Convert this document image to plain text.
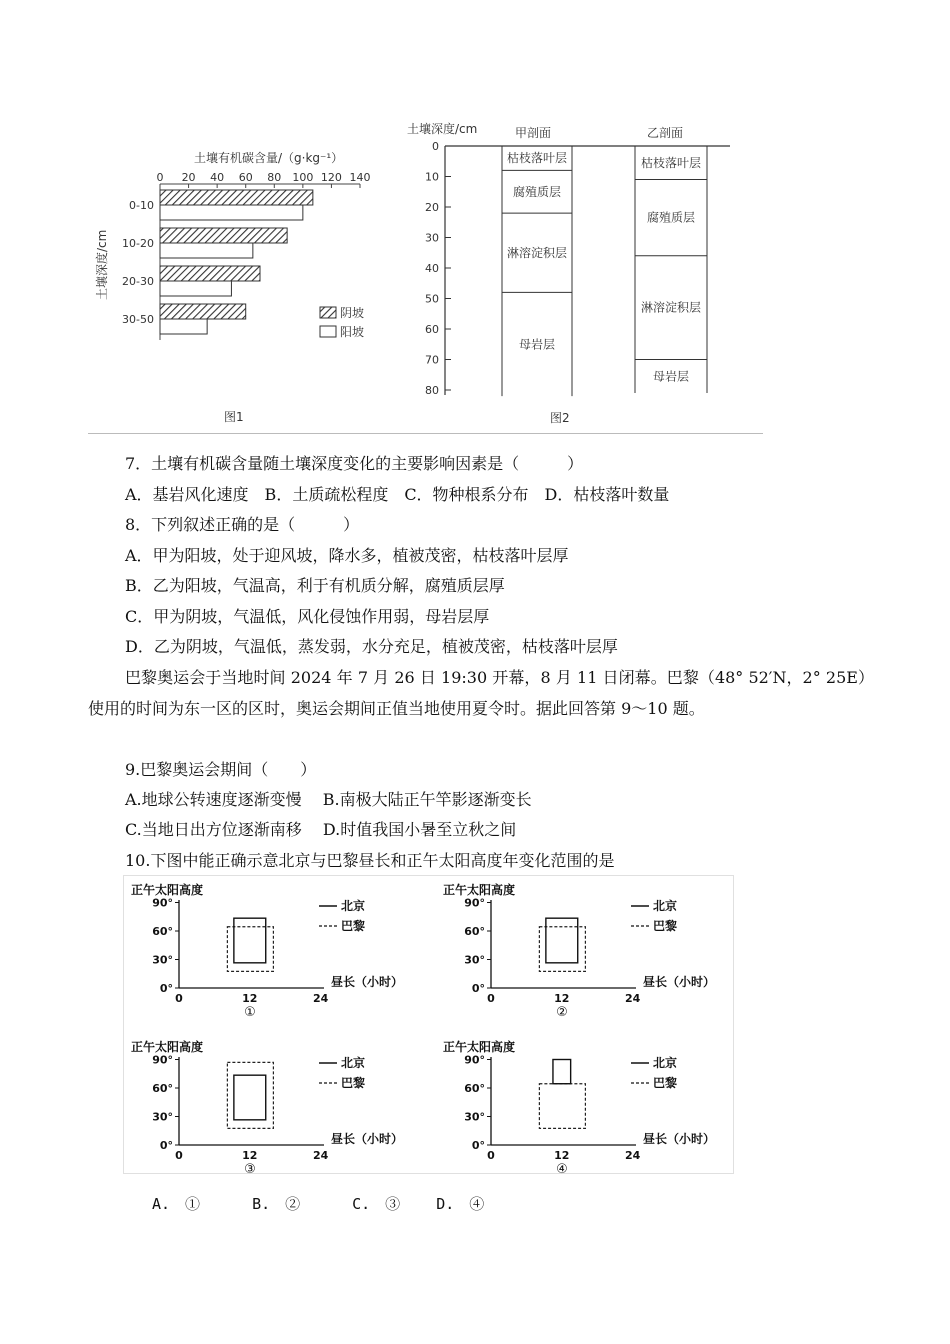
土壤有机碳含量/（g·kg⁻¹）
0 20 40 60 80 100 120 140
土壤深度/cm
0-10
10-20
20-30
30-50	阴坡
阳坡
图1
土壤深度/cm	甲剖面	乙剖面
0
10
20
30
40
50
60
70
80
枯枝落叶层
腐殖质层
淋溶淀积层
母岩层
枯枝落叶层
腐殖质层
淋溶淀积层
母岩层
图2
7．土壤有机碳含量随土壤深度变化的主要影响因素是（　　　）
A．基岩风化速度　B．土质疏松程度　C．物种根系分布　D．枯枝落叶数量
8．下列叙述正确的是（　　　）
A．甲为阳坡，处于迎风坡，降水多，植被茂密，枯枝落叶层厚
B．乙为阳坡，气温高，利于有机质分解，腐殖质层厚
C．甲为阴坡，气温低，风化侵蚀作用弱，母岩层厚
D．乙为阴坡，气温低，蒸发弱，水分充足，植被茂密，枯枝落叶层厚
巴黎奥运会于当地时间 2024 年 7 月 26 日 19:30 开幕，8 月 11 日闭幕。巴黎（48° 52′N，2° 25E）使用的时间为东一区的区时，奥运会期间正值当地使用夏令时。据此回答第 9～10 题。
9.巴黎奥运会期间（　　）
A.地球公转速度逐渐变慢　 B.南极大陆正午竿影逐渐变长
C.当地日出方位逐渐南移　 D.时值我国小暑至立秋之间
10.下图中能正确示意北京与巴黎昼长和正午太阳高度年变化范围的是
正午太阳高度
90°
60°
30°
0°
0	12	24
昼长（小时）
①
北京
巴黎
正午太阳高度
90°
60°
30°
0°
0	12	24
昼长（小时）
②
北京
巴黎
正午太阳高度
90°
60°
30°
0°
0	12	24
昼长（小时）
③
北京
巴黎
正午太阳高度
90°
60°
30°
0°
0	12	24
昼长（小时）
④
北京
巴黎
A.　①	B.　②	C.　③ D.　④
